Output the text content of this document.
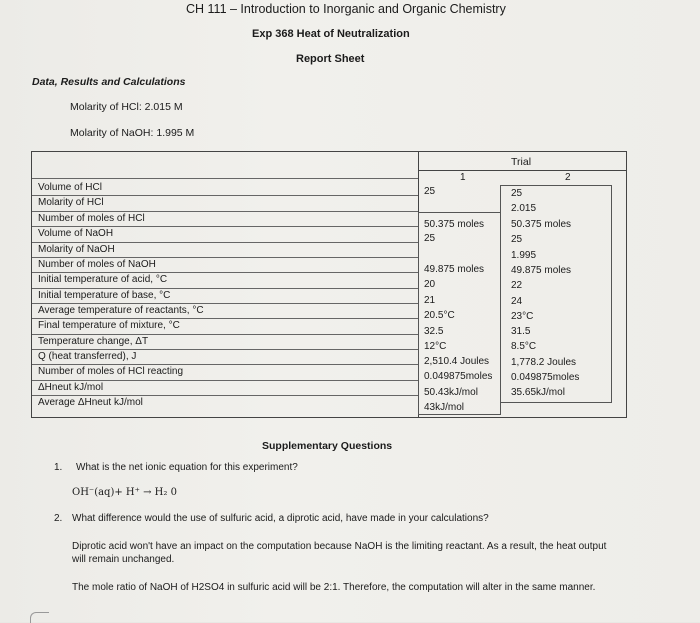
CH 111 – Introduction to Inorganic and Organic Chemistry
Exp 368 Heat of Neutralization
Report Sheet
Data, Results and Calculations
Molarity of HCl: 2.015 M
Molarity of NaOH: 1.995 M
Trial
1	2
Volume of HCl
Molarity of HCl
Number of moles of HCl
Volume of NaOH
Molarity of NaOH
Number of moles of NaOH
Initial temperature of acid, °C
Initial temperature of base, °C
Average temperature of reactants, °C
Final temperature of mixture, °C
Temperature change, ΔT
Q (heat transferred), J
Number of moles of HCl reacting
ΔHneut kJ/mol
Average ΔHneut kJ/mol
25
50.375 moles
25
49.875 moles
20
21
20.5°C
32.5
12°C
2,510.4 Joules
0.049875moles
50.43kJ/mol
43kJ/mol
25
2.015
50.375 moles
25
1.995
49.875 moles
22
24
23°C
31.5
8.5°C
1,778.2 Joules
0.049875moles
35.65kJ/mol
Supplementary Questions
1. What is the net ionic equation for this experiment?
OH⁻(aq)+ H⁺ → H₂ 0
2. What difference would the use of sulfuric acid, a diprotic acid, have made in your calculations?
Diprotic acid won't have an impact on the computation because NaOH is the limiting reactant. As a result, the heat output will remain unchanged.
The mole ratio of NaOH of H2SO4 in sulfuric acid will be 2:1. Therefore, the computation will alter in the same manner.
